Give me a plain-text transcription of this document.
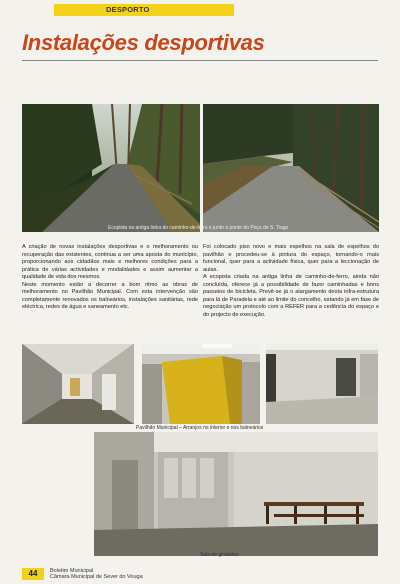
DESPORTO
Instalações desportivas
Ecopista na antiga linha do caminho-de-ferro e junto à ponte do Poço de S. Tiago

A criação de novas instalações desportivas e o melhoramento ou recuperação das existentes, continua a ser uma aposta do município, proporcionando aos cidadãos mais e melhores condições para a prática de várias actividades e modalidades e assim aumentar a qualidade de vida dos mesmos.

Neste momento estão a decorrer a bom ritmo as obras de melhoramento no Pavilhão Municipal. Com esta intervenção são completamente renovados os balneários, instalações sanitárias, rede eléctrica, redes de água e saneamento etc.

Foi colocado piso novo e mais espelhos na sala de espelhos do pavilhão e procedeu-se à pintura do espaço, tornando-o mais funcional, quer para a actividade física, quer para a leccionação de aulas.

A ecopista criada na antiga linha de caminho-de-ferro, ainda não concluída, oferece já a possibilidade de fazer caminhadas e bons passeios de bicicleta. Prevê-se já o alargamento desta infra-estrutura para lá de Paradela e até ao limite do concelho, estando já em fase de negociação um protocolo com a REFER para a cedência do espaço e do projecto de execução.

Pavilhão Municipal – Arranjos no interior e nos balneários
Sala de ginástica
44	Boletim Municipal
Câmara Municipal de Sever do Vouga
